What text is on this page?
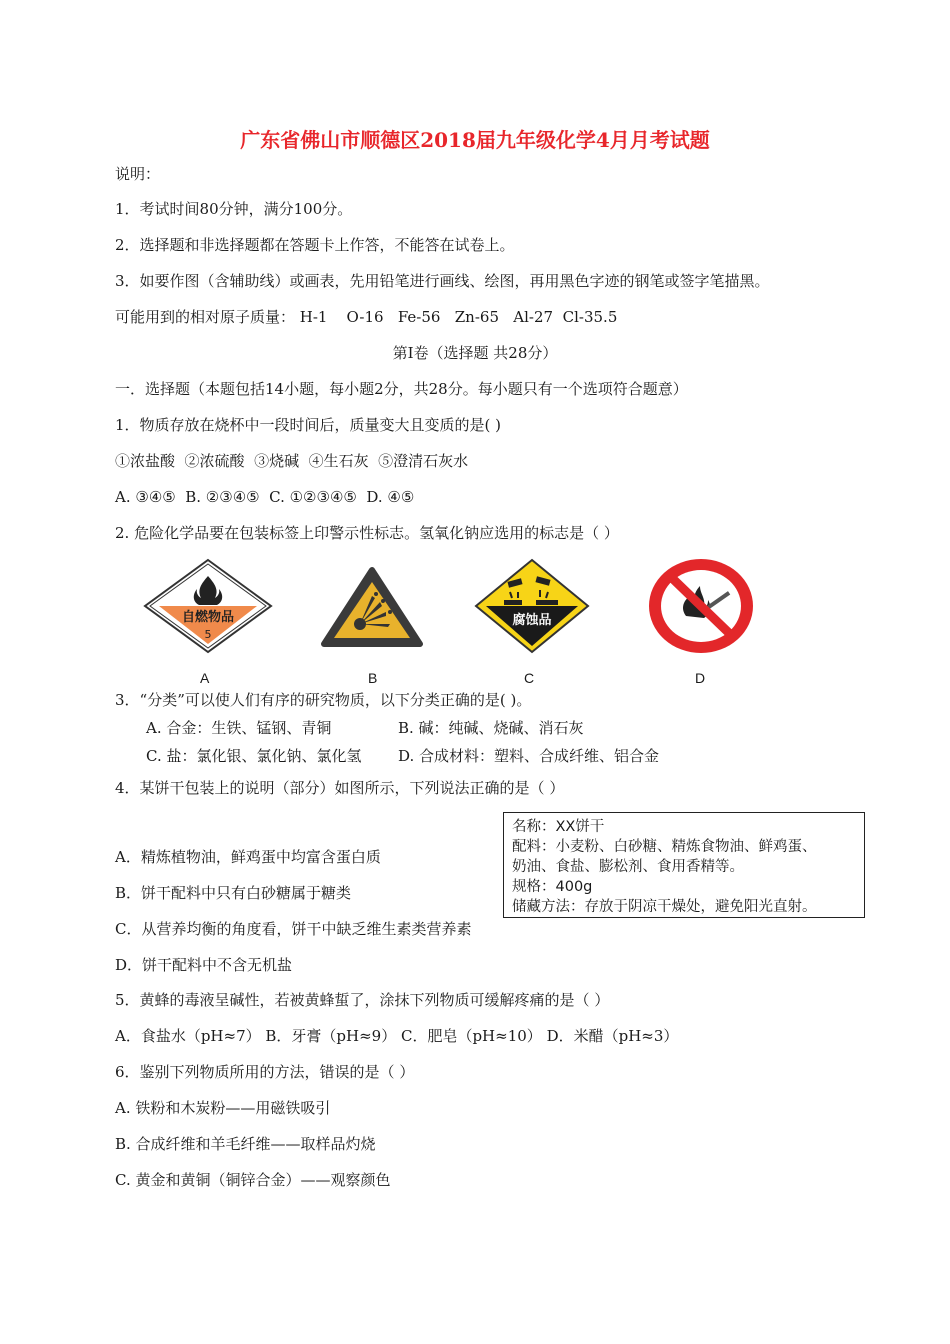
广东省佛山市顺德区2018届九年级化学4月月考试题
说明：
1．考试时间80分钟，满分100分。
2．选择题和非选择题都在答题卡上作答，不能答在试卷上。
3．如要作图（含辅助线）或画表，先用铅笔进行画线、绘图，再用黑色字迹的钢笔或签字笔描黑。
可能用到的相对原子质量： H-1    O-16   Fe-56   Zn-65   Al-27  Cl-35.5
第Ⅰ卷（选择题 共28分）
一．选择题（本题包括14小题，每小题2分，共28分。每小题只有一个选项符合题意）
1．物质存放在烧杯中一段时间后，质量变大且变质的是( )
①浓盐酸  ②浓硫酸  ③烧碱  ④生石灰  ⑤澄清石灰水
A. ③④⑤  B. ②③④⑤  C. ①②③④⑤  D. ④⑤
2. 危险化学品要在包装标签上印警示性标志。氢氧化钠应选用的标志是（ ）
自燃物品
5
腐蚀品
A	B	C	D
3．“分类”可以使人们有序的研究物质，以下分类正确的是( )。
A. 合金：生铁、锰钢、青铜	B. 碱：纯碱、烧碱、消石灰
C. 盐：氯化银、氯化钠、氯化氢 D. 合成材料：塑料、合成纤维、铝合金
4．某饼干包装上的说明（部分）如图所示，下列说法正确的是（ ）
名称：XX饼干
配料：小麦粉、白砂糖、精炼食物油、鲜鸡蛋、
奶油、食盐、膨松剂、食用香精等。
规格：400g
储藏方法：存放于阴凉干燥处，避免阳光直射。
A．精炼植物油，鲜鸡蛋中均富含蛋白质
B．饼干配料中只有白砂糖属于糖类
C．从营养均衡的角度看，饼干中缺乏维生素类营养素
D．饼干配料中不含无机盐
5．黄蜂的毒液呈碱性，若被黄蜂蜇了，涂抹下列物质可缓解疼痛的是（ ）
A．食盐水（pH≈7） B．牙膏（pH≈9） C．肥皂（pH≈10） D．米醋（pH≈3）
6．鉴别下列物质所用的方法，错误的是（ ）
A. 铁粉和木炭粉——用磁铁吸引
B. 合成纤维和羊毛纤维——取样品灼烧
C. 黄金和黄铜（铜锌合金）——观察颜色
